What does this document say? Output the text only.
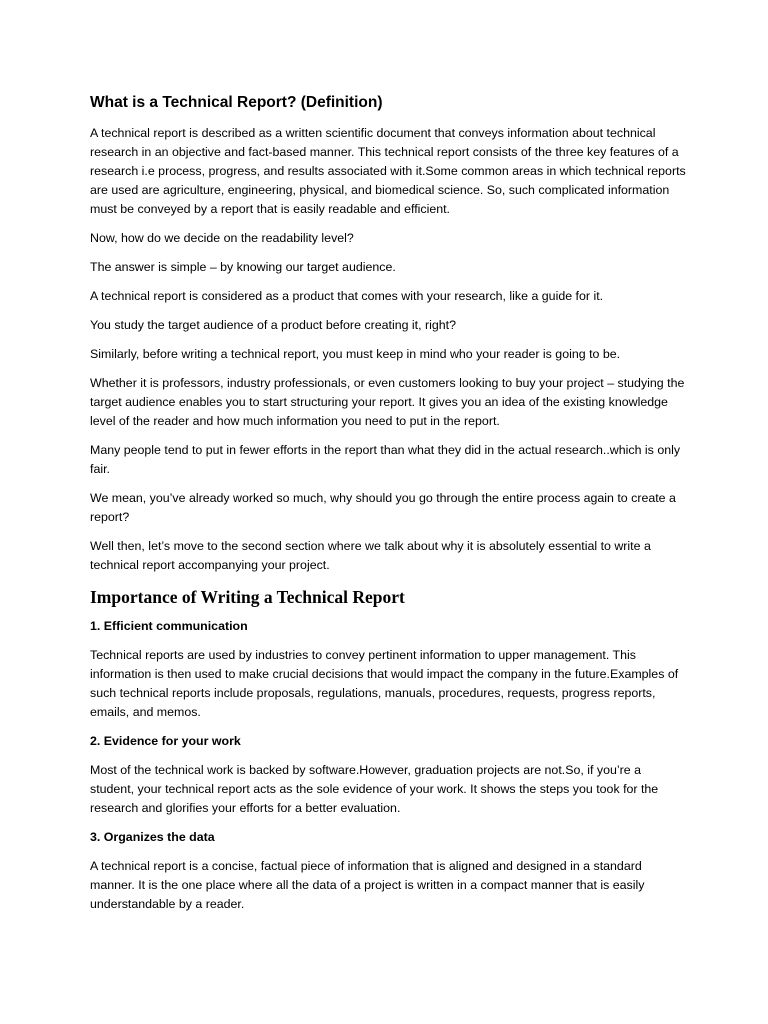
What is a Technical Report? (Definition)

A technical report is described as a written scientific document that conveys information about technical research in an objective and fact-based manner. This technical report consists of the three key features of a research i.e process, progress, and results associated with it.Some common areas in which technical reports are used are agriculture, engineering, physical, and biomedical science. So, such complicated information must be conveyed by a report that is easily readable and efficient.

Now, how do we decide on the readability level?

The answer is simple – by knowing our target audience.

A technical report is considered as a product that comes with your research, like a guide for it.

You study the target audience of a product before creating it, right?

Similarly, before writing a technical report, you must keep in mind who your reader is going to be.

Whether it is professors, industry professionals, or even customers looking to buy your project – studying the target audience enables you to start structuring your report. It gives you an idea of the existing knowledge level of the reader and how much information you need to put in the report.

Many people tend to put in fewer efforts in the report than what they did in the actual research..which is only fair.

We mean, you’ve already worked so much, why should you go through the entire process again to create a report?

Well then, let’s move to the second section where we talk about why it is absolutely essential to write a technical report accompanying your project.

Importance of Writing a Technical Report
1. Efficient communication

Technical reports are used by industries to convey pertinent information to upper management. This information is then used to make crucial decisions that would impact the company in the future.Examples of such technical reports include proposals, regulations, manuals, procedures, requests, progress reports, emails, and memos.

2. Evidence for your work

Most of the technical work is backed by software.However, graduation projects are not.So, if you’re a student, your technical report acts as the sole evidence of your work. It shows the steps you took for the research and glorifies your efforts for a better evaluation.

3. Organizes the data

A technical report is a concise, factual piece of information that is aligned and designed in a standard manner. It is the one place where all the data of a project is written in a compact manner that is easily understandable by a reader.
